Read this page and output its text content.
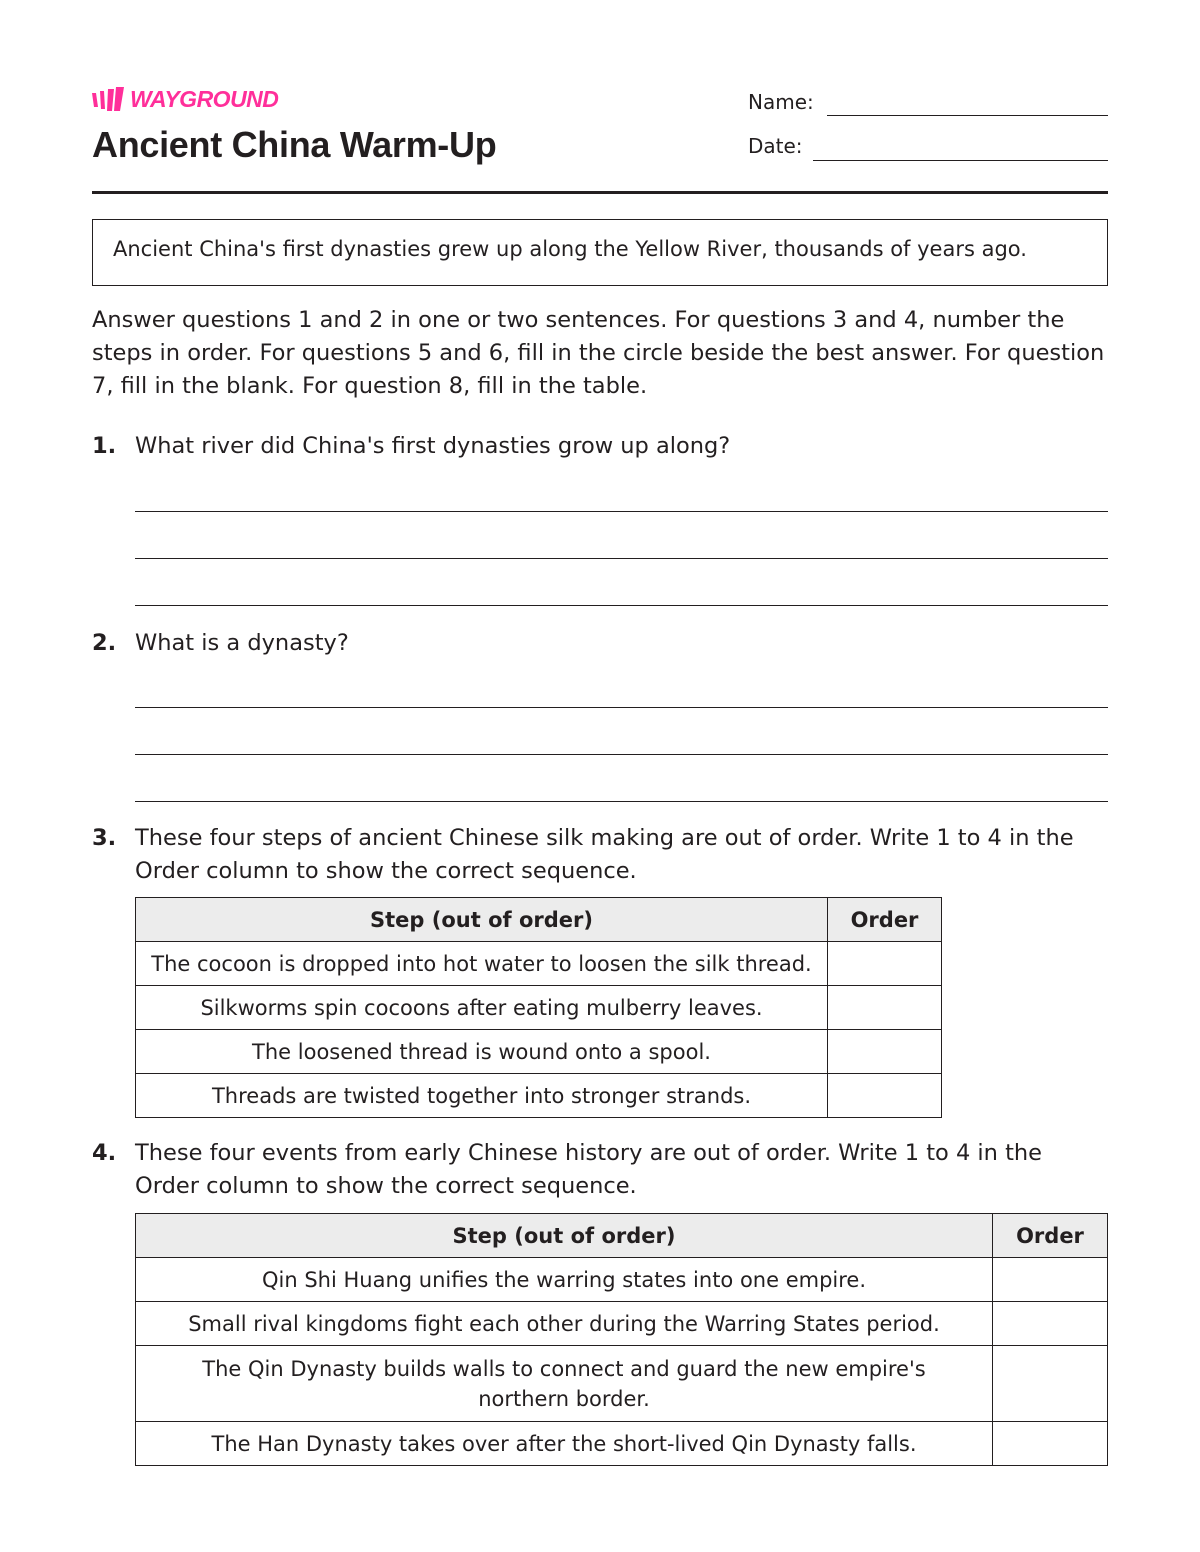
WAYGROUND
Ancient China Warm-Up
Name:
Date:
Ancient China's first dynasties grew up along the Yellow River, thousands of years ago.
Answer questions 1 and 2 in one or two sentences. For questions 3 and 4, number the steps in order. For questions 5 and 6, fill in the circle beside the best answer. For question 7, fill in the blank. For question 8, fill in the table.
1. What river did China's first dynasties grow up along?
2. What is a dynasty?
3. These four steps of ancient Chinese silk making are out of order. Write 1 to 4 in the Order column to show the correct sequence.
Step (out of order)	Order
The cocoon is dropped into hot water to loosen the silk thread.	
Silkworms spin cocoons after eating mulberry leaves.	
The loosened thread is wound onto a spool.	
Threads are twisted together into stronger strands.	
4. These four events from early Chinese history are out of order. Write 1 to 4 in the Order column to show the correct sequence.
Step (out of order)	Order
Qin Shi Huang unifies the warring states into one empire.	
Small rival kingdoms fight each other during the Warring States period.	
The Qin Dynasty builds walls to connect and guard the new empire's northern border.	
The Han Dynasty takes over after the short-lived Qin Dynasty falls.	
